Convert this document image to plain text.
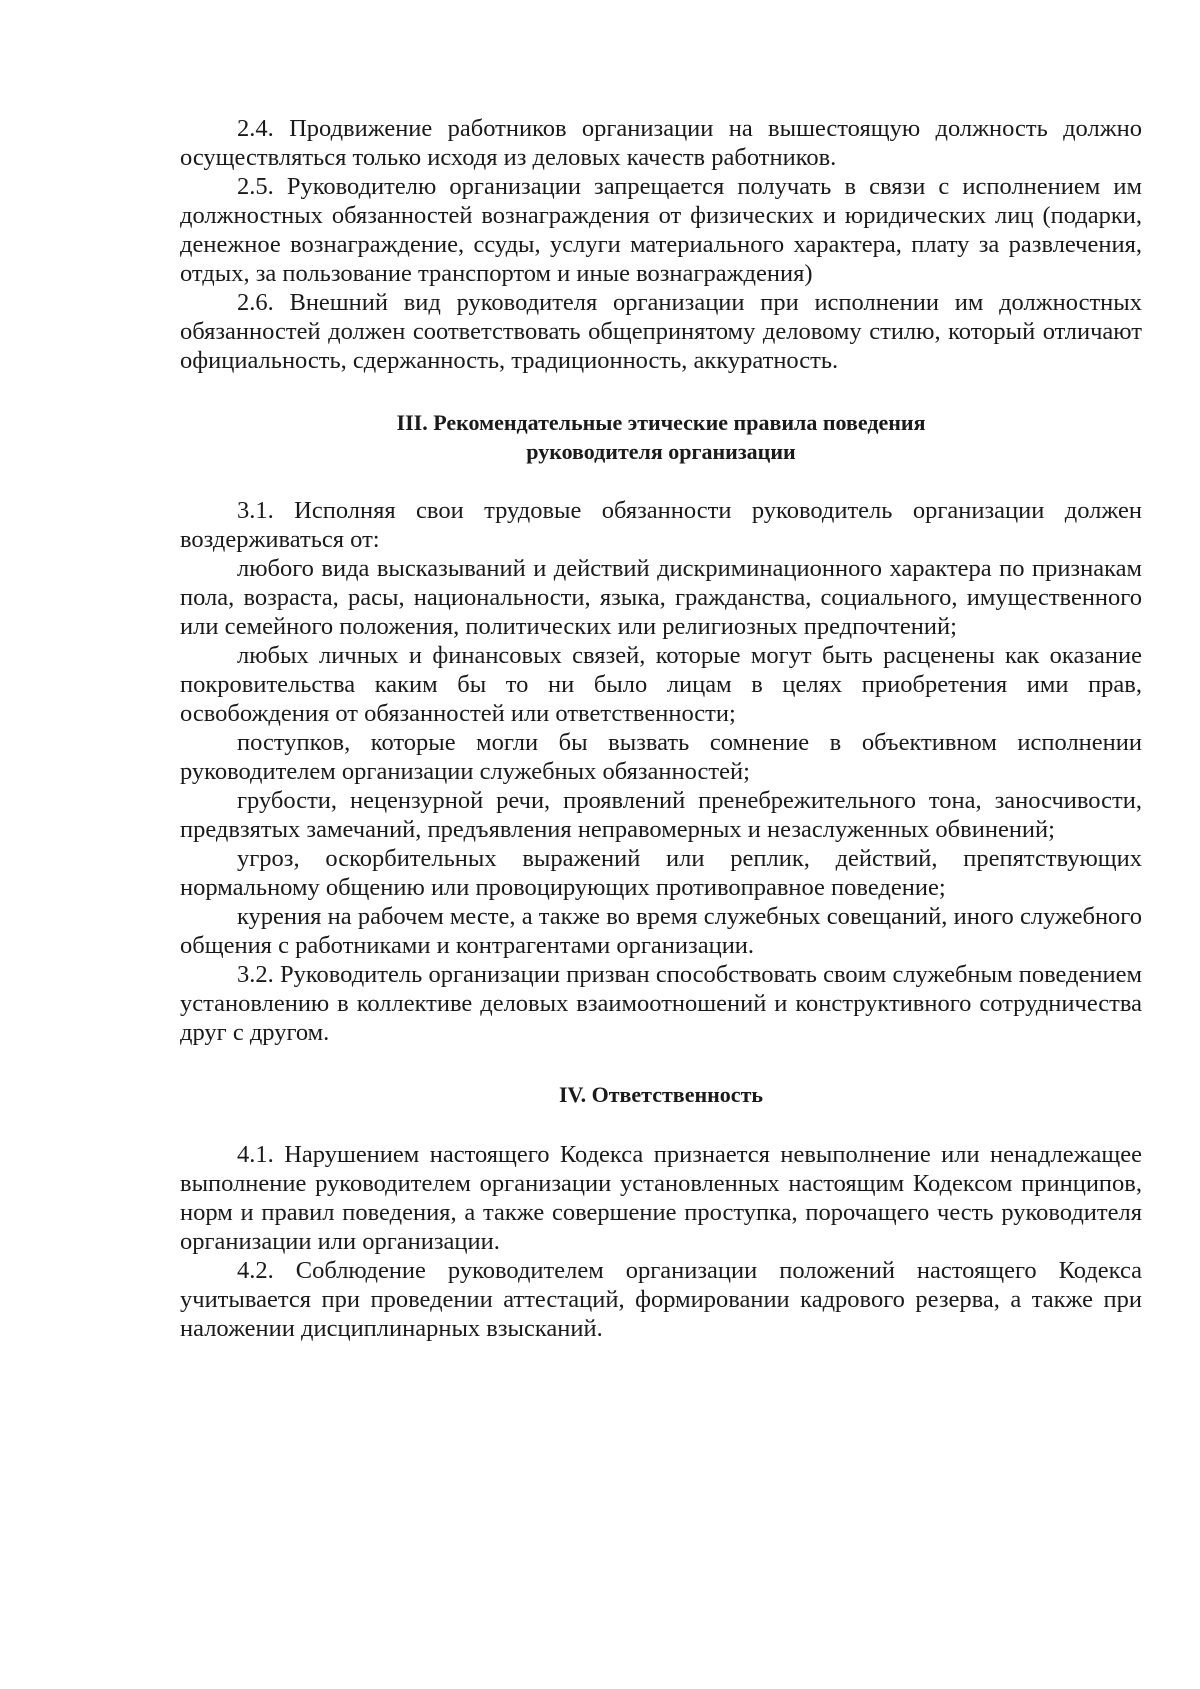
2.4. Продвижение работников организации на вышестоящую должность должно осуществляться только исходя из деловых качеств работников.

2.5. Руководителю организации запрещается получать в связи с исполнением им должностных обязанностей вознаграждения от физических и юридических лиц (подарки, денежное вознаграждение, ссуды, услуги материального характера, плату за развлечения, отдых, за пользование транспортом и иные вознаграждения)

2.6. Внешний вид руководителя организации при исполнении им должностных обязанностей должен соответствовать общепринятому деловому стилю, который отличают официальность, сдержанность, традиционность, аккуратность.

III. Рекомендательные этические правила поведения
руководителя организации

3.1. Исполняя свои трудовые обязанности руководитель организации должен воздерживаться от:

любого вида высказываний и действий дискриминационного характера по признакам пола, возраста, расы, национальности, языка, гражданства, социального, имущественного или семейного положения, политических или религиозных предпочтений;

любых личных и финансовых связей, которые могут быть расценены как оказание покровительства каким бы то ни было лицам в целях приобретения ими прав, освобождения от обязанностей или ответственности;

поступков, которые могли бы вызвать сомнение в объективном исполнении руководителем организации служебных обязанностей;

грубости, нецензурной речи, проявлений пренебрежительного тона, заносчивости, предвзятых замечаний, предъявления неправомерных и незаслуженных обвинений;

угроз, оскорбительных выражений или реплик, действий, препятствующих нормальному общению или провоцирующих противоправное поведение;

курения на рабочем месте, а также во время служебных совещаний, иного служебного общения с работниками и контрагентами организации.

3.2. Руководитель организации призван способствовать своим служебным поведением установлению в коллективе деловых взаимоотношений и конструктивного сотрудничества друг с другом.

IV. Ответственность

4.1. Нарушением настоящего Кодекса признается невыполнение или ненадлежащее выполнение руководителем организации установленных настоящим Кодексом принципов, норм и правил поведения, а также совершение проступка, порочащего честь руководителя организации или организации.

4.2. Соблюдение руководителем организации положений настоящего Кодекса учитывается при проведении аттестаций, формировании кадрового резерва, а также при наложении дисциплинарных взысканий.
